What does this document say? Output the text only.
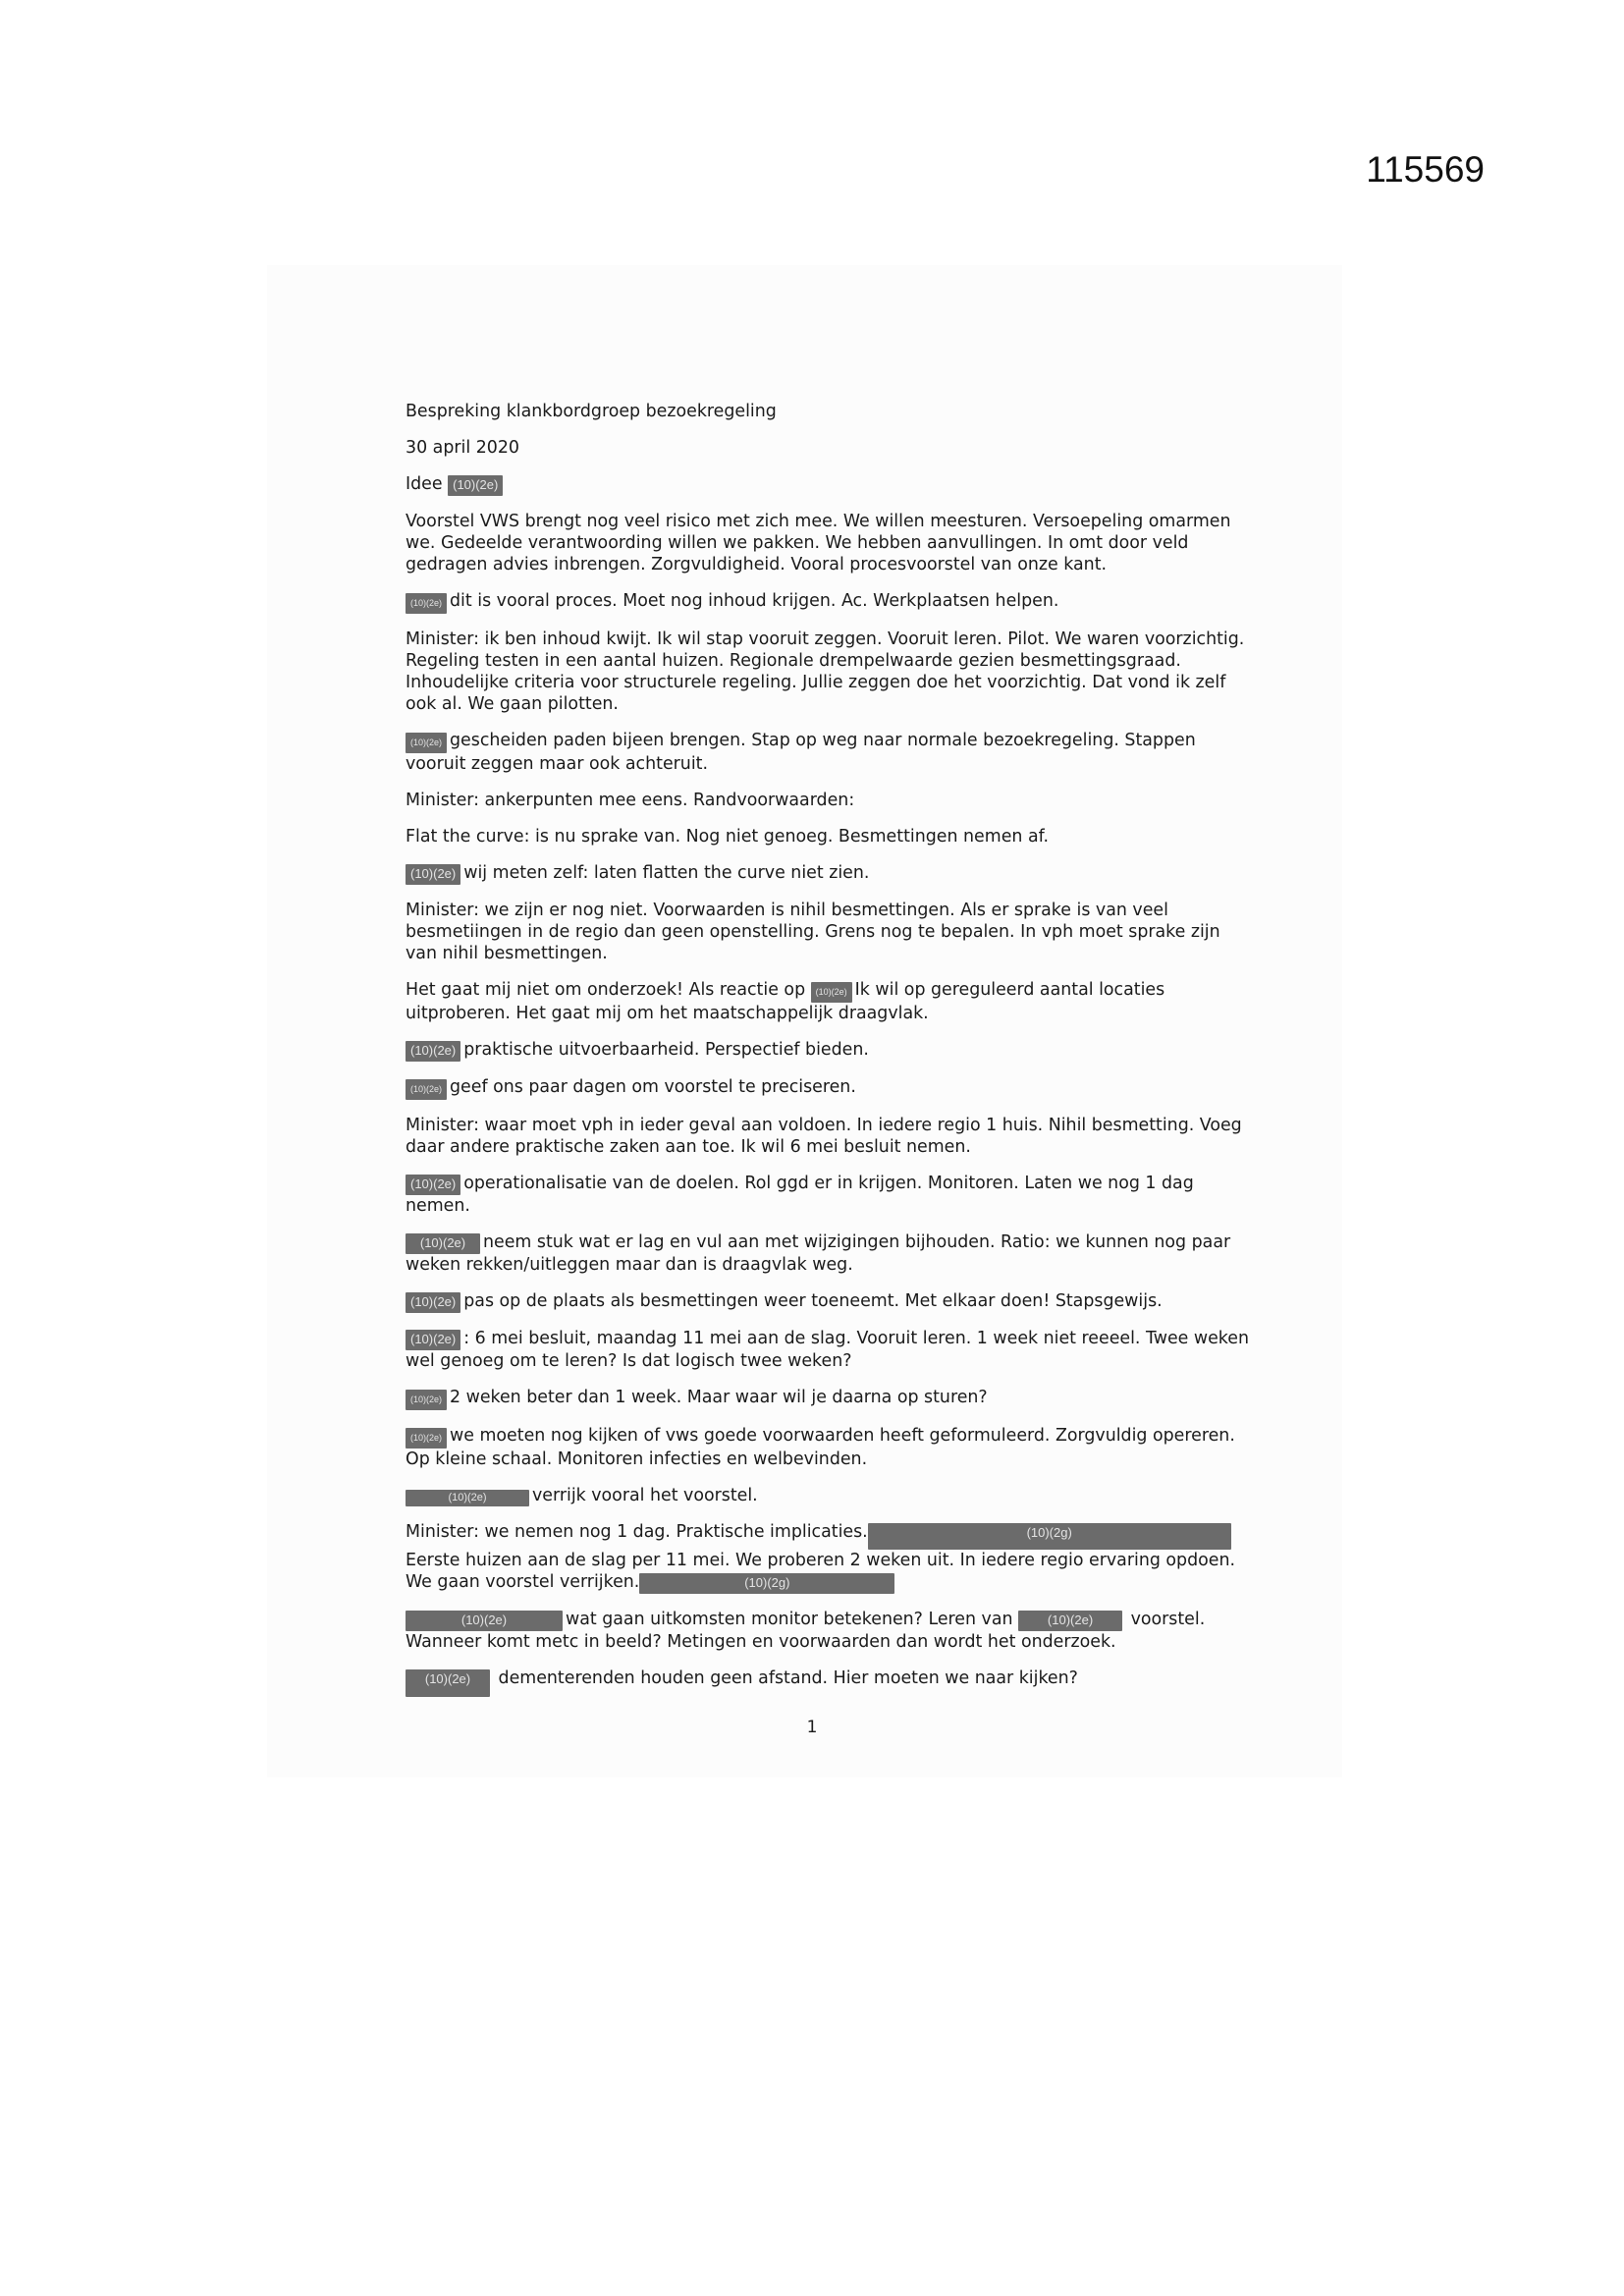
115569

Bespreking klankbordgroep bezoekregeling

30 april 2020

Idee (10)(2e)

Voorstel VWS brengt nog veel risico met zich mee. We willen meesturen. Versoepeling omarmen we. Gedeelde verantwoording willen we pakken. We hebben aanvullingen. In omt door veld gedragen advies inbrengen. Zorgvuldigheid. Vooral procesvoorstel van onze kant.

(10)(2e) dit is vooral proces. Moet nog inhoud krijgen. Ac. Werkplaatsen helpen.

Minister: ik ben inhoud kwijt. Ik wil stap vooruit zeggen. Vooruit leren. Pilot. We waren voorzichtig. Regeling testen in een aantal huizen. Regionale drempelwaarde gezien besmettingsgraad. Inhoudelijke criteria voor structurele regeling. Jullie zeggen doe het voorzichtig. Dat vond ik zelf ook al. We gaan pilotten.

(10)(2e) gescheiden paden bijeen brengen. Stap op weg naar normale bezoekregeling. Stappen vooruit zeggen maar ook achteruit.

Minister: ankerpunten mee eens. Randvoorwaarden:

Flat the curve: is nu sprake van. Nog niet genoeg. Besmettingen nemen af.

(10)(2e) wij meten zelf: laten flatten the curve niet zien.

Minister: we zijn er nog niet. Voorwaarden is nihil besmettingen. Als er sprake is van veel besmetiingen in de regio dan geen openstelling. Grens nog te bepalen. In vph moet sprake zijn van nihil besmettingen.

Het gaat mij niet om onderzoek! Als reactie op (10)(2e) Ik wil op gereguleerd aantal locaties uitproberen. Het gaat mij om het maatschappelijk draagvlak.

(10)(2e) praktische uitvoerbaarheid. Perspectief bieden.

(10)(2e) geef ons paar dagen om voorstel te preciseren.

Minister: waar moet vph in ieder geval aan voldoen. In iedere regio 1 huis. Nihil besmetting. Voeg daar andere praktische zaken aan toe. Ik wil 6 mei besluit nemen.

(10)(2e) operationalisatie van de doelen. Rol ggd er in krijgen. Monitoren. Laten we nog 1 dag nemen.

(10)(2e) neem stuk wat er lag en vul aan met wijzigingen bijhouden. Ratio: we kunnen nog paar weken rekken/uitleggen maar dan is draagvlak weg.

(10)(2e) pas op de plaats als besmettingen weer toeneemt. Met elkaar doen! Stapsgewijs.

(10)(2e) : 6 mei besluit, maandag 11 mei aan de slag. Vooruit leren. 1 week niet reeeel. Twee weken wel genoeg om te leren? Is dat logisch twee weken?

(10)(2e) 2 weken beter dan 1 week. Maar waar wil je daarna op sturen?

(10)(2e) we moeten nog kijken of vws goede voorwaarden heeft geformuleerd. Zorgvuldig opereren. Op kleine schaal. Monitoren infecties en welbevinden.

(10)(2e)	verrijk vooral het voorstel.

Minister: we nemen nog 1 dag. Praktische implicaties.	(10)(2g) Eerste huizen aan de slag per 11 mei. We proberen 2 weken uit. In iedere regio ervaring opdoen. We gaan voorstel verrijken.	(10)(2g)

(10)(2e)	wat gaan uitkomsten monitor betekenen? Leren van	(10)(2e) voorstel. Wanneer komt metc in beeld? Metingen en voorwaarden dan wordt het onderzoek.

(10)(2e) dementerenden houden geen afstand. Hier moeten we naar kijken?

1
